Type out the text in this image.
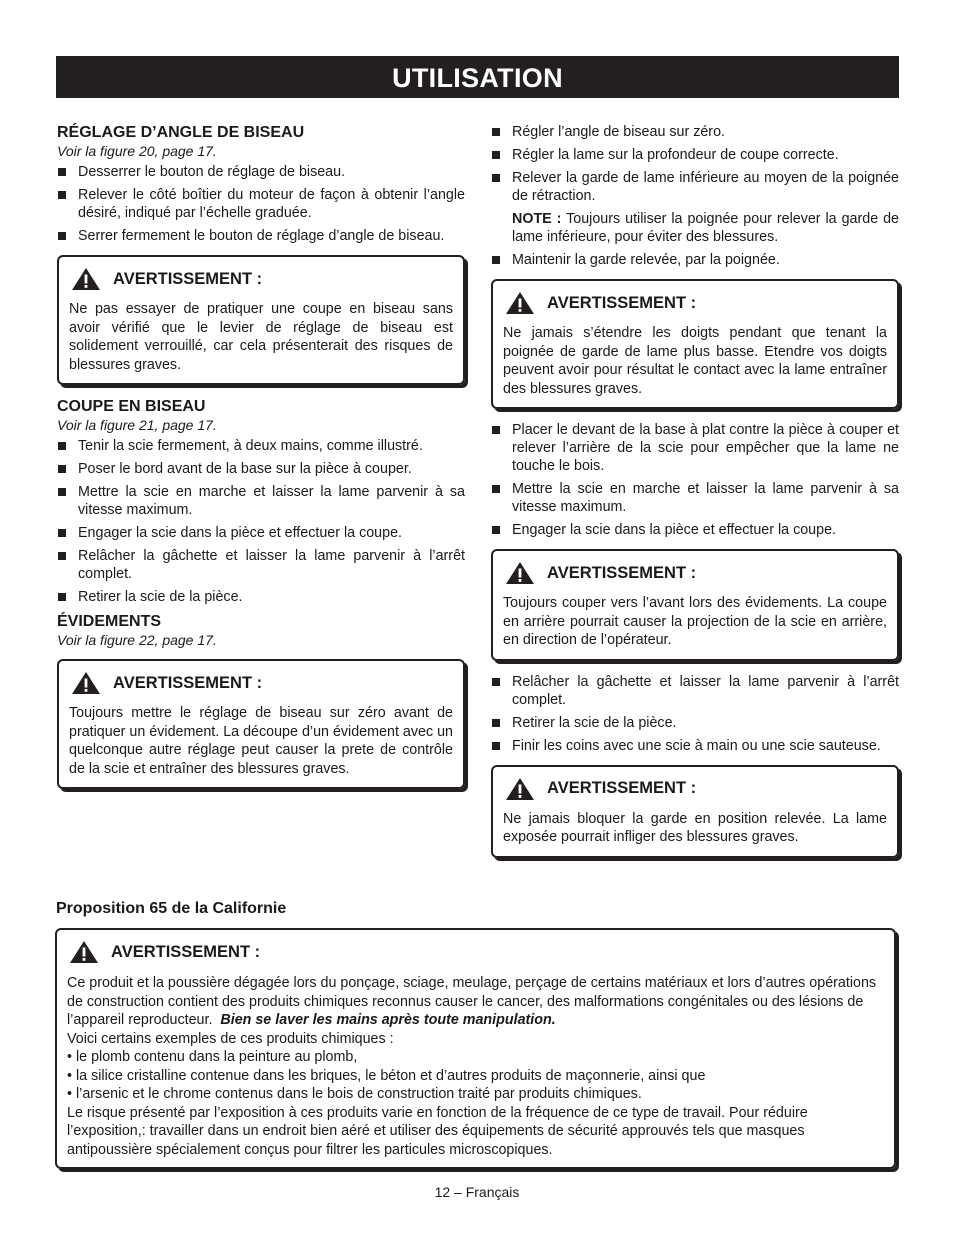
UTILISATION
RÉGLAGE D’ANGLE DE BISEAU
Voir la figure 20, page 17.
Desserrer le bouton de réglage de biseau.
Relever le côté boîtier du moteur de façon à obtenir l’angle désiré, indiqué par l’échelle graduée.
Serrer fermement le bouton de réglage d’angle de biseau.
AVERTISSEMENT :

Ne pas essayer de pratiquer une coupe en biseau sans avoir vérifié que le levier de réglage de biseau est solidement verrouillé, car cela présenterait des risques de blessures graves.

COUPE EN BISEAU
Voir la figure 21, page 17.
Tenir la scie fermement, à deux mains, comme illustré.
Poser le bord avant de la base sur la pièce à couper.
Mettre la scie en marche et laisser la lame parvenir à sa vitesse maximum.
Engager la scie dans la pièce et effectuer la coupe.
Relâcher la gâchette et laisser la lame parvenir à l’arrêt complet.
Retirer la scie de la pièce.
ÉVIDEMENTS
Voir la figure 22, page 17.
AVERTISSEMENT :

Toujours mettre le réglage de biseau sur zéro avant de pratiquer un évidement. La découpe d’un évidement avec un quelconque autre réglage peut causer la prete de contrôle de la scie et entraîner des blessures graves.

Régler l’angle de biseau sur zéro.
Régler la lame sur la profondeur de coupe correcte.
Relever la garde de lame inférieure au moyen de la poignée de rétraction.

NOTE : Toujours utiliser la poignée pour relever la garde de lame inférieure, pour éviter des blessures.

Maintenir la garde relevée, par la poignée.
AVERTISSEMENT :

Ne jamais s’étendre les doigts pendant que tenant la poignée de garde de lame plus basse. Etendre vos doigts peuvent avoir pour résultat le contact avec la lame entraîner des blessures graves.

Placer le devant de la base à plat contre la pièce à couper et relever l’arrière de la scie pour empêcher que la lame ne touche le bois.
Mettre la scie en marche et laisser la lame parvenir à sa vitesse maximum.
Engager la scie dans la pièce et effectuer la coupe.
AVERTISSEMENT :

Toujours couper vers l’avant lors des évidements. La coupe en arrière pourrait causer la projection de la scie en arrière, en direction de l’opérateur.

Relâcher la gâchette et laisser la lame parvenir à l’arrêt complet.
Retirer la scie de la pièce.
Finir les coins avec une scie à main ou une scie sauteuse.
AVERTISSEMENT :

Ne jamais bloquer la garde en position relevée. La lame exposée pourrait infliger des blessures graves.

Proposition 65 de la Californie
AVERTISSEMENT :

Ce produit et la poussière dégagée lors du ponçage, sciage, meulage, perçage de certains matériaux et lors d’autres opérations de construction contient des produits chimiques reconnus causer le cancer, des malformations congénitales ou des lésions de l’appareil reproducteur. Bien se laver les mains après toute manipulation.

Voici certains exemples de ces produits chimiques :

• le plomb contenu dans la peinture au plomb,

• la silice cristalline contenue dans les briques, le béton et d’autres produits de maçonnerie, ainsi que

• l’arsenic et le chrome contenus dans le bois de construction traité par produits chimiques.

Le risque présenté par l’exposition à ces produits varie en fonction de la fréquence de ce type de travail. Pour réduire l’exposition,: travailler dans un endroit bien aéré et utiliser des équipements de sécurité approuvés tels que masques antipoussière spécialement conçus pour filtrer les particules microscopiques.

12 – Français
